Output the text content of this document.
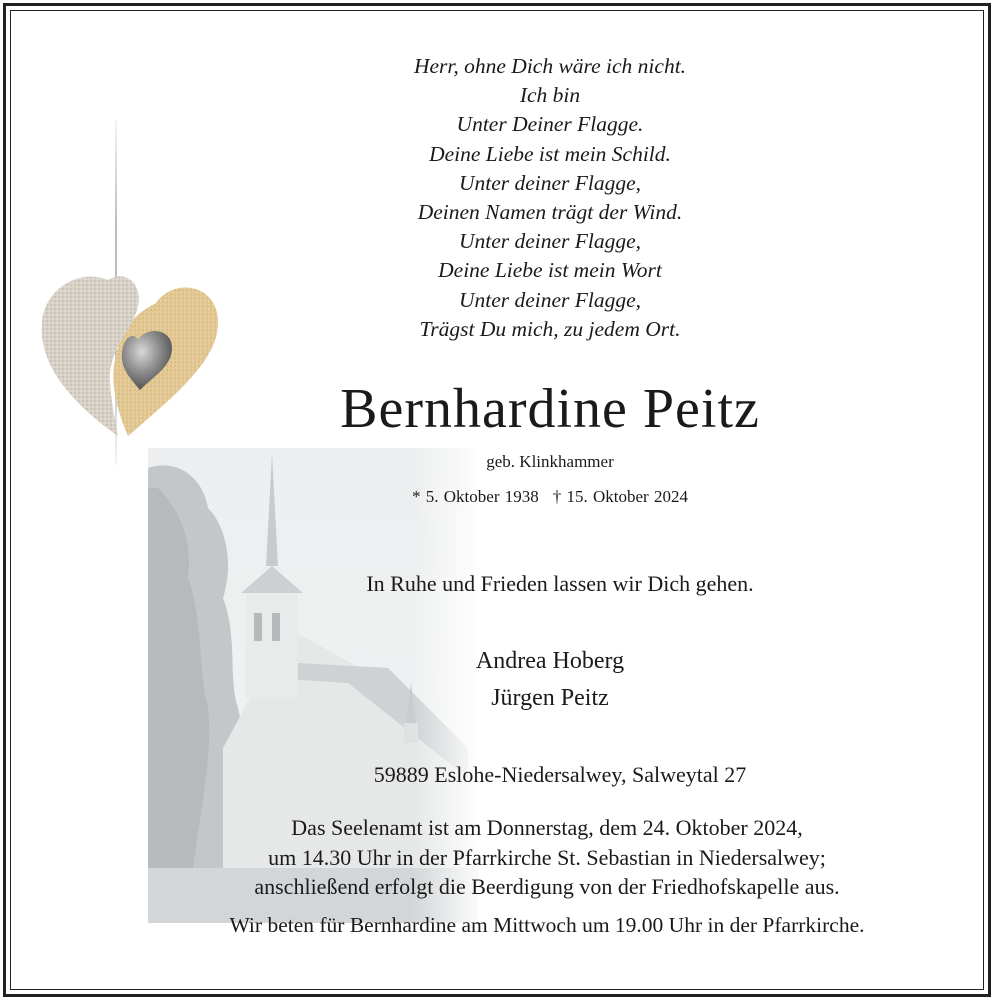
Herr, ohne Dich wäre ich nicht.
Ich bin
Unter Deiner Flagge.
Deine Liebe ist mein Schild.
Unter deiner Flagge,
Deinen Namen trägt der Wind.
Unter deiner Flagge,
Deine Liebe ist mein Wort
Unter deiner Flagge,
Trägst Du mich, zu jedem Ort.
Bernhardine Peitz
geb. Klinkhammer
* 5. Oktober 1938 † 15. Oktober 2024
In Ruhe und Frieden lassen wir Dich gehen.
Andrea Hoberg
Jürgen Peitz
59889 Eslohe-Niedersalwey, Salweytal 27
Das Seelenamt ist am Donnerstag, dem 24. Oktober 2024,
um 14.30 Uhr in der Pfarrkirche St. Sebastian in Niedersalwey;
anschließend erfolgt die Beerdigung von der Friedhofskapelle aus.
Wir beten für Bernhardine am Mittwoch um 19.00 Uhr in der Pfarrkirche.
